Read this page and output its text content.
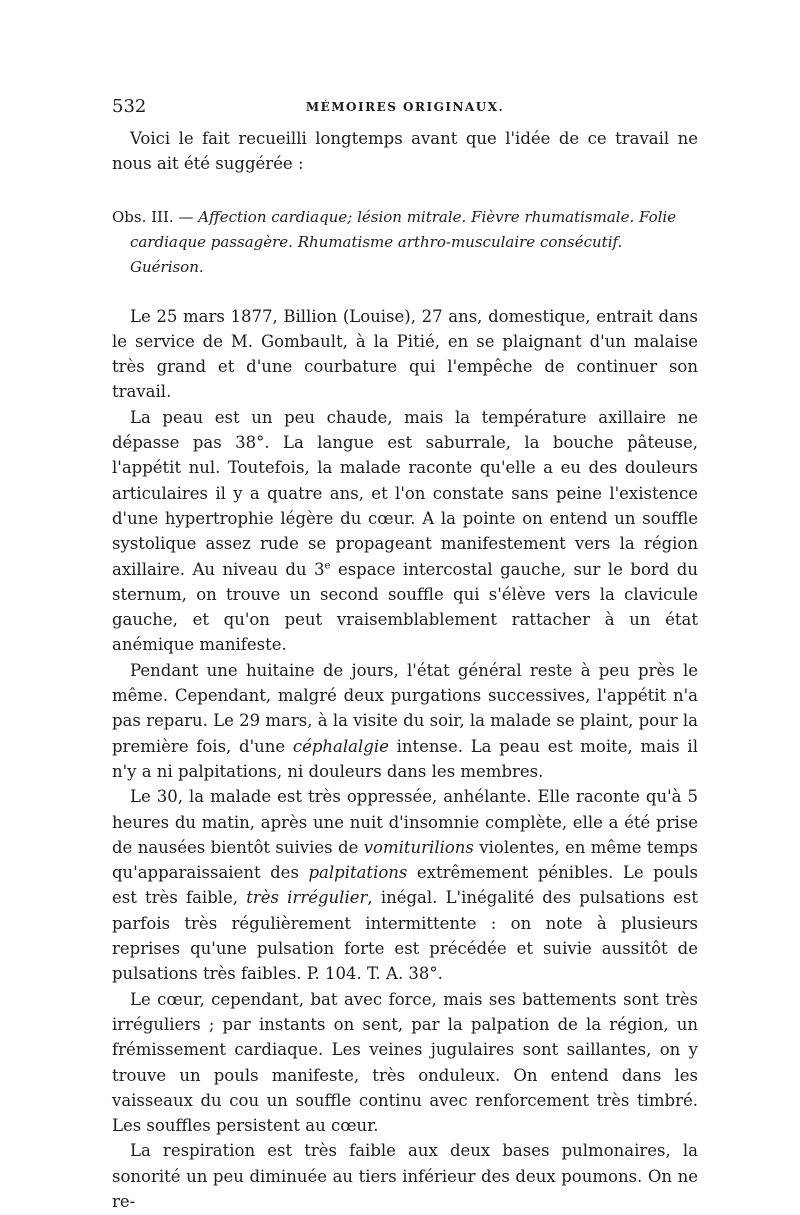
532	MÉMOIRES ORIGINAUX.

Voici le fait recueilli longtemps avant que l'idée de ce travail ne nous ait été suggérée :

Obs. III. — Affection cardiaque; lésion mitrale. Fièvre rhumatismale. Folie cardiaque passagère. Rhumatisme arthro-musculaire consécutif. Guérison.

Le 25 mars 1877, Billion (Louise), 27 ans, domestique, entrait dans le service de M. Gombault, à la Pitié, en se plaignant d'un malaise très grand et d'une courbature qui l'empêche de continuer son travail.

La peau est un peu chaude, mais la température axillaire ne dépasse pas 38°. La langue est saburrale, la bouche pâteuse, l'appétit nul. Toutefois, la malade raconte qu'elle a eu des douleurs articulaires il y a quatre ans, et l'on constate sans peine l'existence d'une hypertrophie légère du cœur. A la pointe on entend un souffle systolique assez rude se propageant manifestement vers la région axillaire. Au niveau du 3e espace intercostal gauche, sur le bord du sternum, on trouve un second souffle qui s'élève vers la clavicule gauche, et qu'on peut vraisemblablement rattacher à un état anémique manifeste.

Pendant une huitaine de jours, l'état général reste à peu près le même. Cependant, malgré deux purgations successives, l'appétit n'a pas reparu. Le 29 mars, à la visite du soir, la malade se plaint, pour la première fois, d'une céphalalgie intense. La peau est moite, mais il n'y a ni palpitations, ni douleurs dans les membres.

Le 30, la malade est très oppressée, anhélante. Elle raconte qu'à 5 heures du matin, après une nuit d'insomnie complète, elle a été prise de nausées bientôt suivies de vomiturilions violentes, en même temps qu'apparaissaient des palpitations extrêmement pénibles. Le pouls est très faible, très irrégulier, inégal. L'inégalité des pulsations est parfois très régulièrement intermittente : on note à plusieurs reprises qu'une pulsation forte est précédée et suivie aussitôt de pulsations très faibles. P. 104. T. A. 38°.

Le cœur, cependant, bat avec force, mais ses battements sont très irréguliers ; par instants on sent, par la palpation de la région, un frémissement cardiaque. Les veines jugulaires sont saillantes, on y trouve un pouls manifeste, très onduleux. On entend dans les vaisseaux du cou un souffle continu avec renforcement très timbré. Les souffles persistent au cœur.

La respiration est très faible aux deux bases pulmonaires, la sonorité un peu diminuée au tiers inférieur des deux poumons. On ne re-
